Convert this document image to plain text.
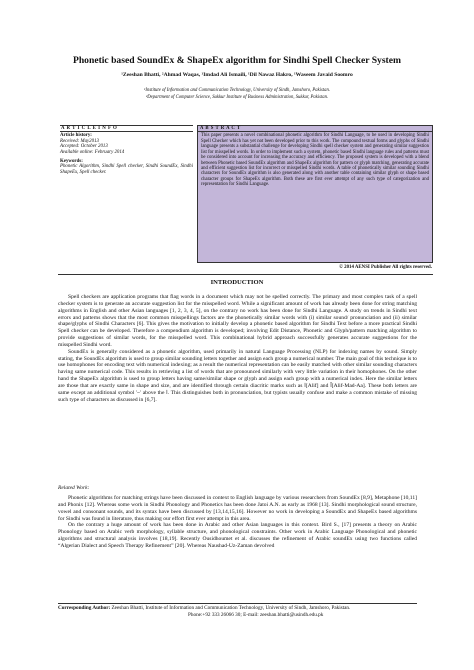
Phonetic based SoundEx & ShapeEx algorithm for Sindhi Spell Checker System
¹Zeeshan Bhatti, ²Ahmad Waqas, ¹Imdad Ali Ismaili, ¹Dil Nawaz Hakro, ¹Waseem Javaid Soomro
¹Institute of Information and Communication Technology, University of Sindh, Jamshoro, Pakistan.
²Department of Computer Science, Sukkur Institute of Business Administration, Sukkur, Pakistan.
A R T I C L E I N F O
Article history:
Received: May2013
Accepted: October 2013
Available online: February 2014
Keywords:
Phonetic Algorithm, Sindhi Spell checker, Sindhi SoundEx, Sindhi ShapeEx, Spell checker.
A B S T R A C T
This paper presents a novel combinational phonetic algorithm for Sindhi Language, to be used in developing Sindhi Spell Checker which has yet not been developed prior to this work. The compound textual forms and glyphs of Sindhi language presents a substantial challenge for developing Sindhi spell checker system and generating similar suggestion list for misspelled words. In order to implement such a system, phonetic based Sindhi language rules and patterns must be considered into account for increasing the accuracy and efficiency. The proposed system is developed with a blend between Phonetic based SoundEx algorithm and ShapeEx algorithm for pattern or glyph matching, generating accurate and efficient suggestion list for incorrect or misspelled Sindhi words. A table of phonetically similar sounding Sindhi characters for SoundEx algorithm is also generated along with another table containing similar glyph or shape based character groups for ShapeEx algorithm. Both these are first ever attempt of any such type of categorization and representation for Sindhi Language.
© 2014 AENSI Publisher All rights reserved.
INTRODUCTION

Spell checkers are application programs that flag words in a document which may not be spelled correctly. The primary and most complex task of a spell checker system is to generate an accurate suggestion list for the misspelled word. While a significant amount of work has already been done for string matching algorithms in English and other Asian languages [1, 2, 3, 4, 5], on the contrary no work has been done for Sindhi Language. A study on trends in Sindhi text errors and patterns shows that the most common misspellings factors are the phonetically similar words with (i) similar sound/ pronunciation and (ii) similar shape/glyphs of Sindhi Characters [6]. This gives the motivation to initially develop a phonetic based algorithm for Sindhi Text before a more practical Sindhi Spell checker can be developed. Therefore a compendium algorithm is developed; involving Edit Distance, Phonetic and Glyph/pattern matching algorithm to provide suggestions of similar words, for the misspelled word. This combinational hybrid approach successfully generates accurate suggestions for the misspelled Sindhi word.

SoundEx is generally considered as a phonetic algorithm, used primarily in natural Language Processing (NLP) for indexing names by sound. Simply stating, the SoundEx algorithm is used to group similar sounding letters together and assign each group a numerical number. The main goal of this technique is to use homophones for encoding text with numerical indexing; as a result the numerical representation can be easily matched with other similar sounding characters having same numerical code. This results in retrieving a list of words that are pronounced similarly with very little variation in their homophones. On the other hand the ShapeEx algorithm is used to group letters having same/similar shape or glyph and assign each group with a numerical index. Here the similar letters are those that are exactly same in shape and size, and are identified through certain diacritic marks such as ا[Alif] and آ[Alif-Mad-Aa]. These both letters are same except an additional symbol '~' above the ا. This distinguishes both in pronunciation, but typists usually confuse and make a common mistake of missing such type of characters as discussed in [6,7].

Related Work:

Phonetic algorithms for matching strings have been discussed in context to English language by various researchers from SoundEx [8,9], Metaphone [10,11] and Phonix [12]. Whereas some work in Sindhi Phonology and Phonetics has been done Jatoi A.N. as early as 1968 [13]. Sindhi morphological sound structure, vowel and consonant sounds, and its syntax have been discussed by [13,14,15,16]. However no work in developing a SoundEx and ShapeEx based algorithms for Sindhi was found in literature, thus making our effort first ever attempt in this area.

On the contrary a huge amount of work has been done in Arabic and other Asian languages in this context. Bird S., [17] presents a theory on Arabic Phonology based on Arabic verb morphology, syllable structure, and phonological constraints. Other work in Arabic Language Phonological and phonetic algorithms and structural analysis involves [18,19]. Recently Ousidhoumet et al. discusses the refinement of Arabic soundEx using two functions called “Algerian Dialect and Speech Therapy Refinement” [20]. Whereas Naushad-Uz-Zaman devolved

Corresponding Author: Zeeshan Bhatti, Institute of Information and Communication Technology, University of Sindh, Jamshoro, Pakistan.
Phone:+92 333 26066 30; E-mail: zeeshan.bhatti@usindh.edu.pk
